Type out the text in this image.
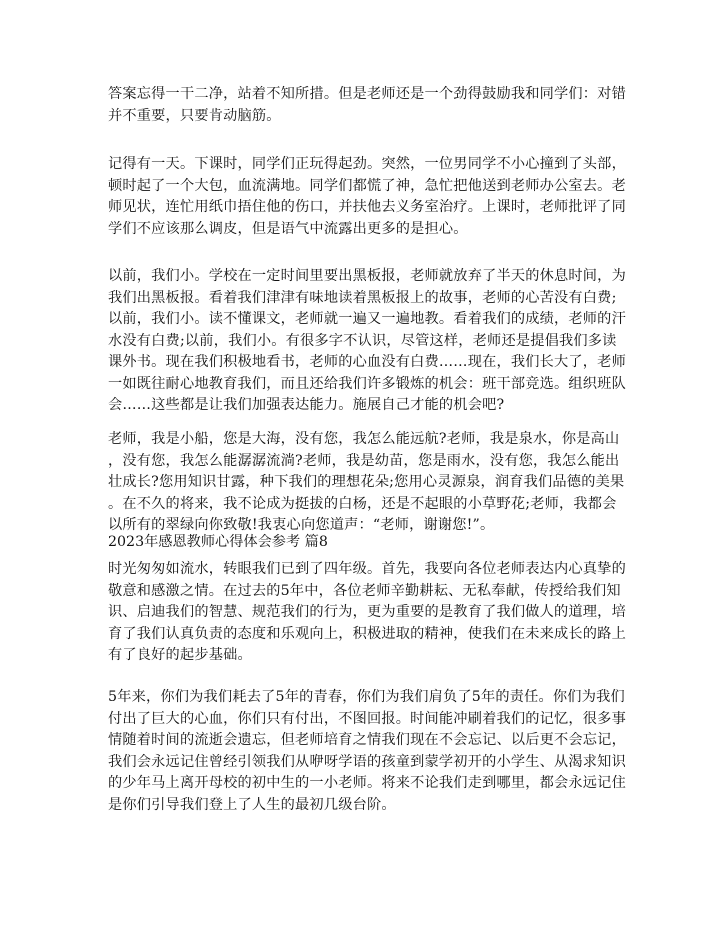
答案忘得一干二净，站着不知所措。但是老师还是一个劲得鼓励我和同学们：对错
并不重要，只要肯动脑筋。
记得有一天。下课时，同学们正玩得起劲。突然，一位男同学不小心撞到了头部，
顿时起了一个大包，血流满地。同学们都慌了神，急忙把他送到老师办公室去。老
师见状，连忙用纸巾捂住他的伤口，并扶他去义务室治疗。上课时，老师批评了同
学们不应该那么调皮，但是语气中流露出更多的是担心。
以前，我们小。学校在一定时间里要出黑板报，老师就放弃了半天的休息时间，为
我们出黑板报。看着我们津津有味地读着黑板报上的故事，老师的心苦没有白费;
以前，我们小。读不懂课文，老师就一遍又一遍地教。看着我们的成绩，老师的汗
水没有白费;以前，我们小。有很多字不认识，尽管这样，老师还是提倡我们多读
课外书。现在我们积极地看书，老师的心血没有白费……现在，我们长大了，老师
一如既往耐心地教育我们，而且还给我们许多锻炼的机会：班干部竞选。组织班队
会……这些都是让我们加强表达能力。施展自己才能的机会吧?
老师，我是小船，您是大海，没有您，我怎么能远航?老师，我是泉水，你是高山
，没有您，我怎么能潺潺流淌?老师，我是幼苗，您是雨水，没有您，我怎么能出
壮成长?您用知识甘露，种下我们的理想花朵;您用心灵源泉，润育我们品德的美果
。在不久的将来，我不论成为挺拔的白杨，还是不起眼的小草野花;老师，我都会
以所有的翠绿向你致敬!我衷心向您道声：“老师，谢谢您!”。
2023年感恩教师心得体会参考 篇8
时光匆匆如流水，转眼我们已到了四年级。首先，我要向各位老师表达内心真挚的
敬意和感激之情。在过去的5年中，各位老师辛勤耕耘、无私奉献，传授给我们知
识、启迪我们的智慧、规范我们的行为，更为重要的是教育了我们做人的道理，培
育了我们认真负责的态度和乐观向上，积极进取的精神，使我们在未来成长的路上
有了良好的起步基础。
5年来，你们为我们耗去了5年的青春，你们为我们肩负了5年的责任。你们为我们
付出了巨大的心血，你们只有付出，不图回报。时间能冲刷着我们的记忆，很多事
情随着时间的流逝会遗忘，但老师培育之情我们现在不会忘记、以后更不会忘记，
我们会永远记住曾经引领我们从咿呀学语的孩童到蒙学初开的小学生、从渴求知识
的少年马上离开母校的初中生的一小老师。将来不论我们走到哪里，都会永远记住
是你们引导我们登上了人生的最初几级台阶。
